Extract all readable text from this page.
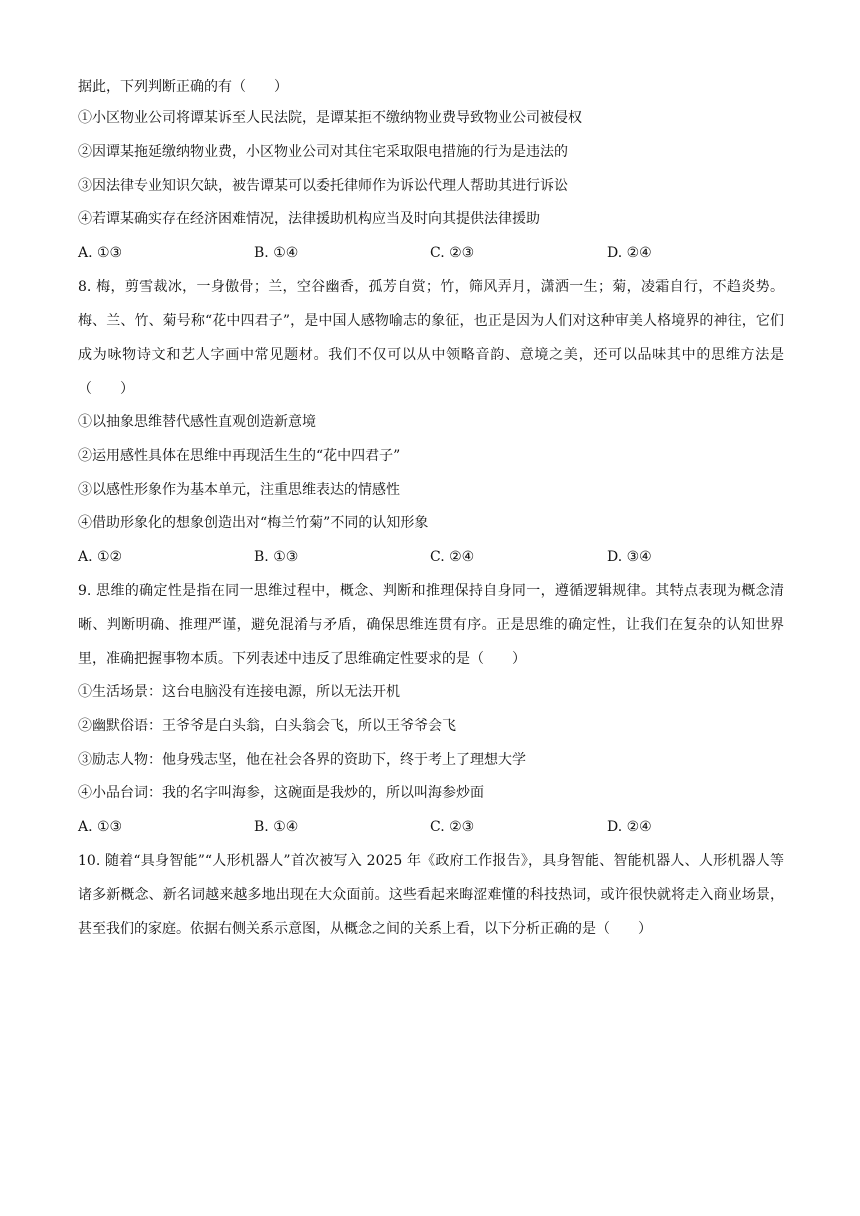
据此，下列判断正确的有（　　）
①小区物业公司将谭某诉至人民法院，是谭某拒不缴纳物业费导致物业公司被侵权
②因谭某拖延缴纳物业费，小区物业公司对其住宅采取限电措施的行为是违法的
③因法律专业知识欠缺，被告谭某可以委托律师作为诉讼代理人帮助其进行诉讼
④若谭某确实存在经济困难情况，法律援助机构应当及时向其提供法律援助
A. ①③	B. ①④	C. ②③	D. ②④
8. 梅，剪雪裁冰，一身傲骨；兰，空谷幽香，孤芳自赏；竹，筛风弄月，潇洒一生；菊，凌霜自行，不趋炎势。梅、兰、竹、菊号称“花中四君子”，是中国人感物喻志的象征，也正是因为人们对这种审美人格境界的神往，它们成为咏物诗文和艺人字画中常见题材。我们不仅可以从中领略音韵、意境之美，还可以品味其中的思维方法是（　　）
①以抽象思维替代感性直观创造新意境
②运用感性具体在思维中再现活生生的“花中四君子”
③以感性形象作为基本单元，注重思维表达的情感性
④借助形象化的想象创造出对“梅兰竹菊”不同的认知形象
A. ①②	B. ①③	C. ②④	D. ③④
9. 思维的确定性是指在同一思维过程中，概念、判断和推理保持自身同一，遵循逻辑规律。其特点表现为概念清晰、判断明确、推理严谨，避免混淆与矛盾，确保思维连贯有序。正是思维的确定性，让我们在复杂的认知世界里，准确把握事物本质。下列表述中违反了思维确定性要求的是（　　）
①生活场景：这台电脑没有连接电源，所以无法开机
②幽默俗语：王爷爷是白头翁，白头翁会飞，所以王爷爷会飞
③励志人物：他身残志坚，他在社会各界的资助下，终于考上了理想大学
④小品台词：我的名字叫海参，这碗面是我炒的，所以叫海参炒面
A. ①③	B. ①④	C. ②③	D. ②④
10. 随着“具身智能”“人形机器人”首次被写入 2025 年《政府工作报告》，具身智能、智能机器人、人形机器人等诸多新概念、新名词越来越多地出现在大众面前。这些看起来晦涩难懂的科技热词，或许很快就将走入商业场景，甚至我们的家庭。依据右侧关系示意图，从概念之间的关系上看，以下分析正确的是（　　）
